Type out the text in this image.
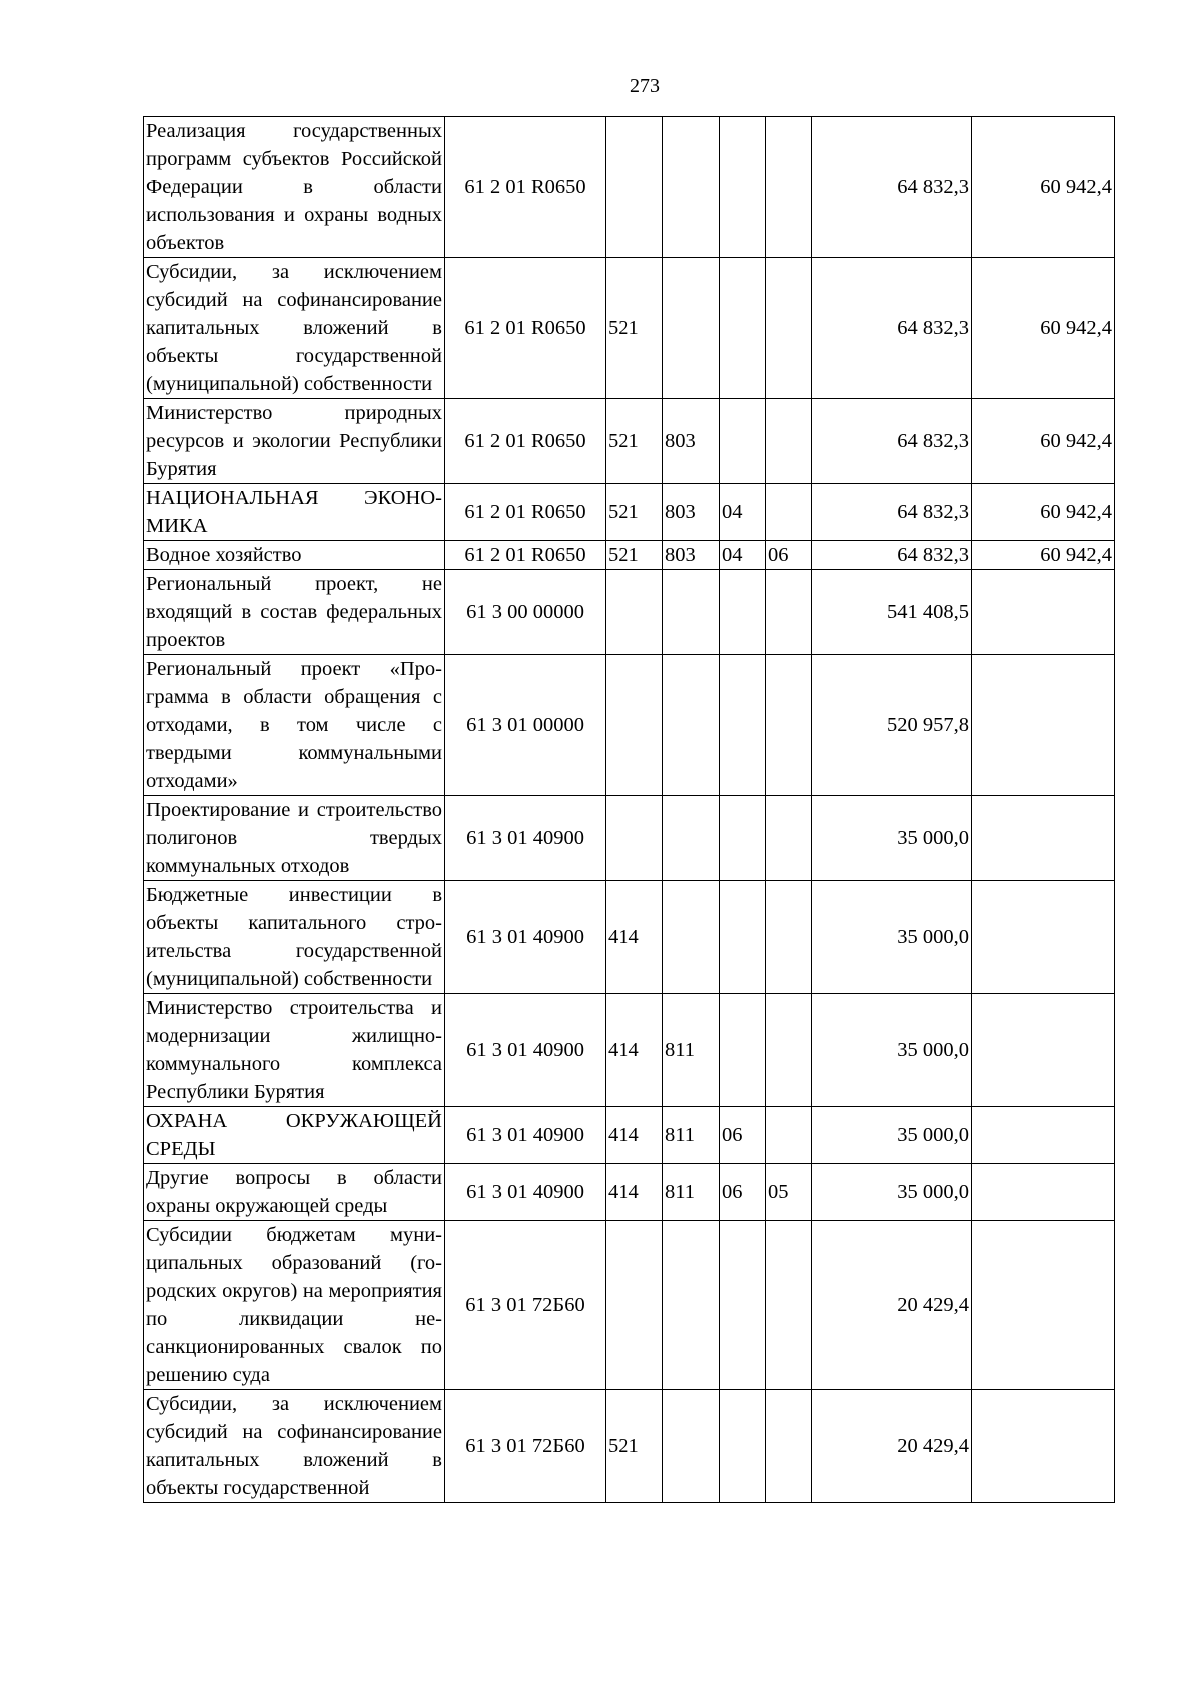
273
Реализация государственных программ субъектов Российской Федерации в области использования и охраны водных объектов	61 2 01 R0650					64 832,3	60 942,4
Субсидии, за исключением субсидий на софинансирование капитальных вложений в объекты государственной (муниципальной) собственности	61 2 01 R0650	521				64 832,3	60 942,4
Министерство природных ресурсов и экологии Республики Бурятия	61 2 01 R0650	521	803			64 832,3	60 942,4
НАЦИОНАЛЬНАЯ ЭКОНОМИКА	61 2 01 R0650	521	803	04		64 832,3	60 942,4
Водное хозяйство	61 2 01 R0650	521	803	04	06	64 832,3	60 942,4
Региональный проект, не входящий в состав федеральных проектов	61 3 00 00000					541 408,5	
Региональный проект «Программа в области обращения с отходами, в том числе с твердыми коммунальными отходами»	61 3 01 00000					520 957,8	
Проектирование и строительство полигонов твердых коммунальных отходов	61 3 01 40900					35 000,0	
Бюджетные инвестиции в объекты капитального строительства государственной (муниципальной) собственности	61 3 01 40900	414				35 000,0	
Министерство строительства и модернизации жилищно-коммунального комплекса Республики Бурятия	61 3 01 40900	414	811			35 000,0	
ОХРАНА ОКРУЖАЮЩЕЙ СРЕДЫ	61 3 01 40900	414	811	06		35 000,0	
Другие вопросы в области охраны окружающей среды	61 3 01 40900	414	811	06	05	35 000,0	
Субсидии бюджетам муниципальных образований (городских округов) на мероприятия по ликвидации несанкционированных свалок по решению суда	61 3 01 72Б60					20 429,4	
Субсидии, за исключением субсидий на софинансирование капитальных вложений в объекты государственной	61 3 01 72Б60	521				20 429,4	
